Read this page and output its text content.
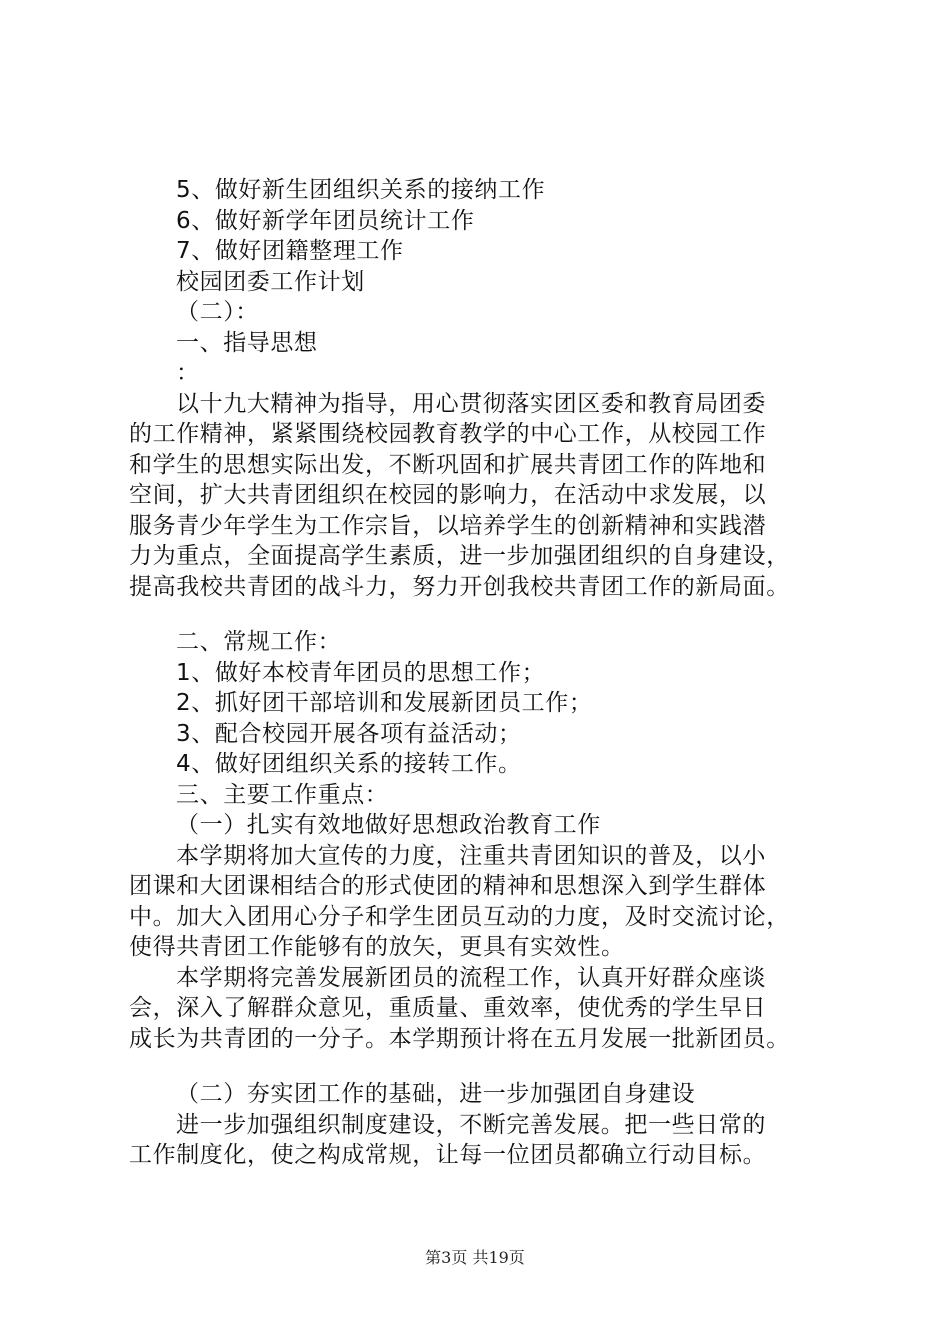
5、做好新生团组织关系的接纳工作
6、做好新学年团员统计工作
7、做好团籍整理工作
校园团委工作计划
（二）：
一、指导思想
：
以十九大精神为指导，用心贯彻落实团区委和教育局团委
的工作精神，紧紧围绕校园教育教学的中心工作，从校园工作
和学生的思想实际出发，不断巩固和扩展共青团工作的阵地和
空间，扩大共青团组织在校园的影响力，在活动中求发展，以
服务青少年学生为工作宗旨，以培养学生的创新精神和实践潜
力为重点，全面提高学生素质，进一步加强团组织的自身建设，
提高我校共青团的战斗力，努力开创我校共青团工作的新局面。
二、常规工作：
1、做好本校青年团员的思想工作；
2、抓好团干部培训和发展新团员工作；
3、配合校园开展各项有益活动；
4、做好团组织关系的接转工作。
三、主要工作重点：
（一）扎实有效地做好思想政治教育工作
本学期将加大宣传的力度，注重共青团知识的普及，以小
团课和大团课相结合的形式使团的精神和思想深入到学生群体
中。加大入团用心分子和学生团员互动的力度，及时交流讨论，
使得共青团工作能够有的放矢，更具有实效性。
本学期将完善发展新团员的流程工作，认真开好群众座谈
会，深入了解群众意见，重质量、重效率，使优秀的学生早日
成长为共青团的一分子。本学期预计将在五月发展一批新团员。
（二）夯实团工作的基础，进一步加强团自身建设
进一步加强组织制度建设，不断完善发展。把一些日常的
工作制度化，使之构成常规，让每一位团员都确立行动目标。
第3页 共19页
